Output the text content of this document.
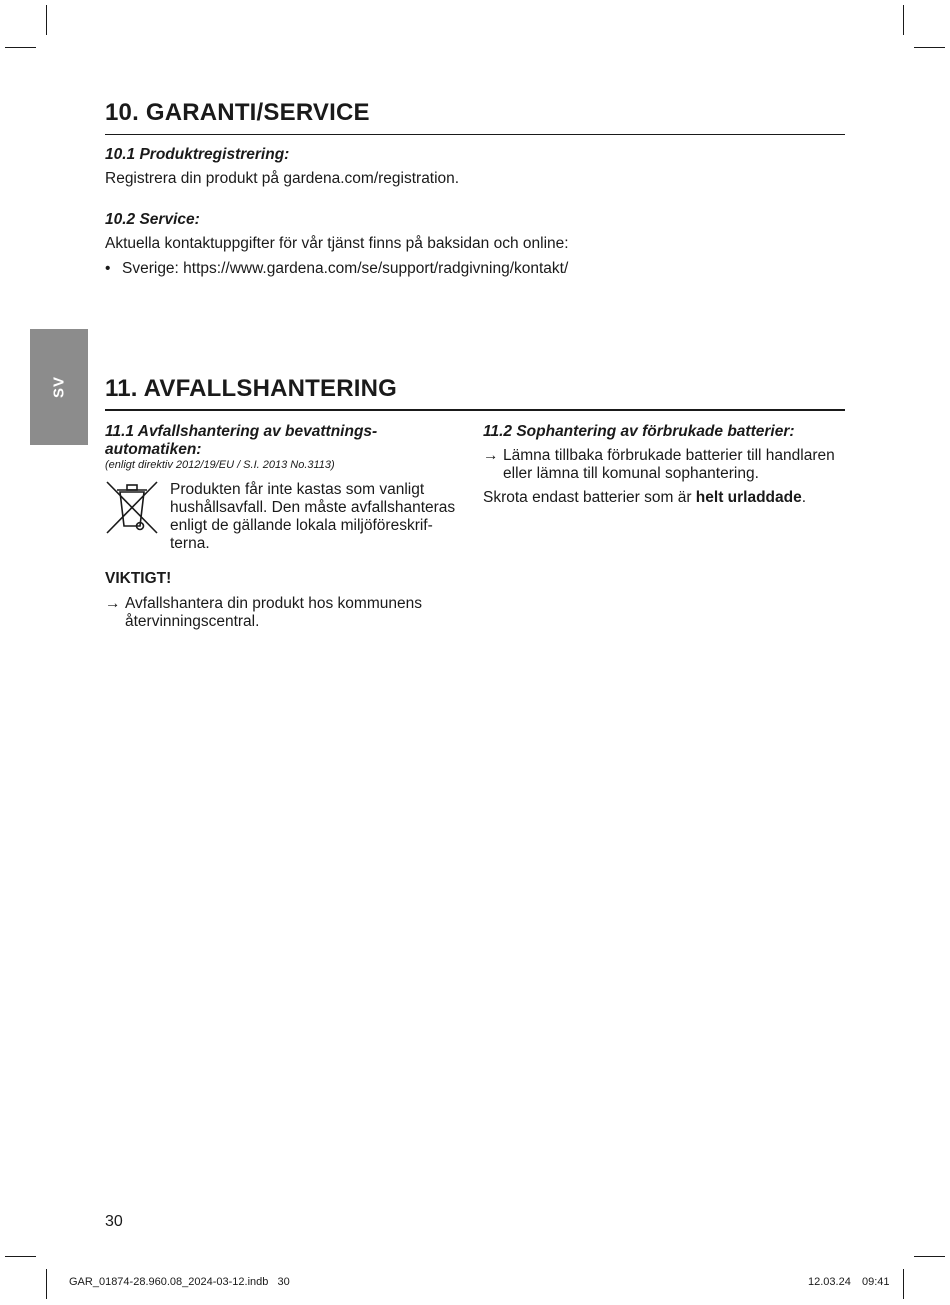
SV
10. GARANTI/SERVICE

10.1 Produktregistrering:

Registrera din produkt på gardena.com/registration.

10.2 Service:

Aktuella kontaktuppgifter för vår tjänst finns på baksidan och online:

• Sverige: https://www.gardena.com/se/support/radgivning/kontakt/

11. AVFALLSHANTERING

11.1 Avfallshantering av bevattnings-
automatiken:

(enligt direktiv 2012/19/EU / S.I. 2013 No.3113)

Produkten får inte kastas som vanligt
hushållsavfall. Den måste avfallshanteras
enligt de gällande lokala miljöföreskrif-
terna.

VIKTIGT!

→ Avfallshantera din produkt hos kommunens
återvinningscentral.

11.2 Sophantering av förbrukade batterier:

→ Lämna tillbaka förbrukade batterier till handlaren
eller lämna till komunal sophantering.

Skrota endast batterier som är helt urladdade.

30

GAR_01874-28.960.08_2024-03-12.indb   30	12.03.24 09:41
